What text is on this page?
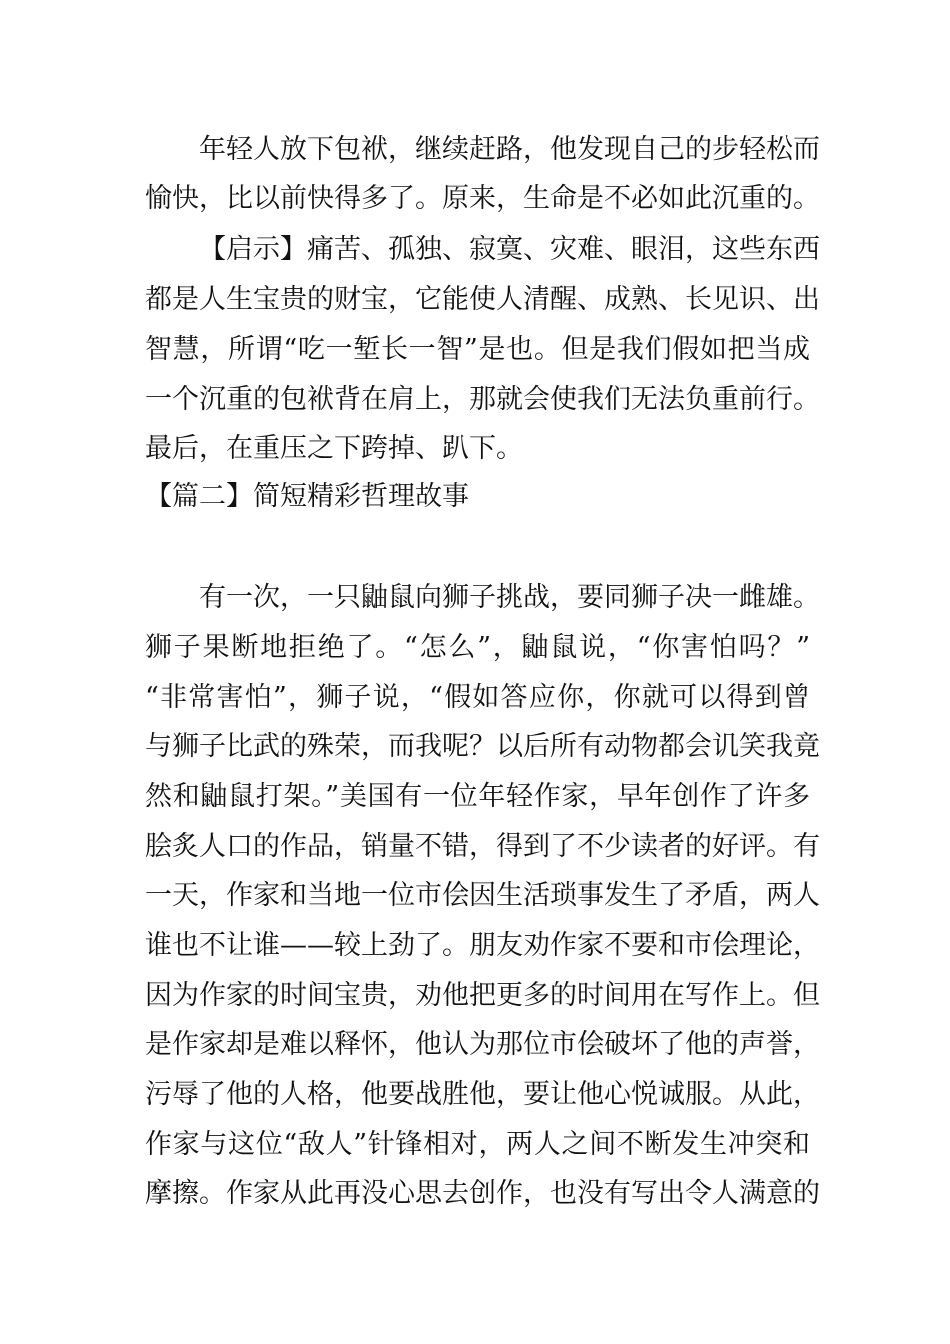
年轻人放下包袱，继续赶路，他发现自己的步轻松而

愉快，比以前快得多了。原来，生命是不必如此沉重的。

【启示】痛苦、孤独、寂寞、灾难、眼泪，这些东西

都是人生宝贵的财宝，它能使人清醒、成熟、长见识、出

智慧，所谓“吃一堑长一智”是也。但是我们假如把当成

一个沉重的包袱背在肩上，那就会使我们无法负重前行。

最后，在重压之下跨掉、趴下。

【篇二】简短精彩哲理故事

有一次，一只鼬鼠向狮子挑战，要同狮子决一雌雄。

狮子果断地拒绝了。“怎么”，鼬鼠说，“你害怕吗？”

“非常害怕”，狮子说，“假如答应你，你就可以得到曾

与狮子比武的殊荣，而我呢？以后所有动物都会讥笑我竟

然和鼬鼠打架。”美国有一位年轻作家，早年创作了许多

脍炙人口的作品，销量不错，得到了不少读者的好评。有

一天，作家和当地一位市侩因生活琐事发生了矛盾，两人

谁也不让谁——较上劲了。朋友劝作家不要和市侩理论，

因为作家的时间宝贵，劝他把更多的时间用在写作上。但

是作家却是难以释怀，他认为那位市侩破坏了他的声誉，

污辱了他的人格，他要战胜他，要让他心悦诚服。从此，

作家与这位“敌人”针锋相对，两人之间不断发生冲突和

摩擦。作家从此再没心思去创作，也没有写出令人满意的
